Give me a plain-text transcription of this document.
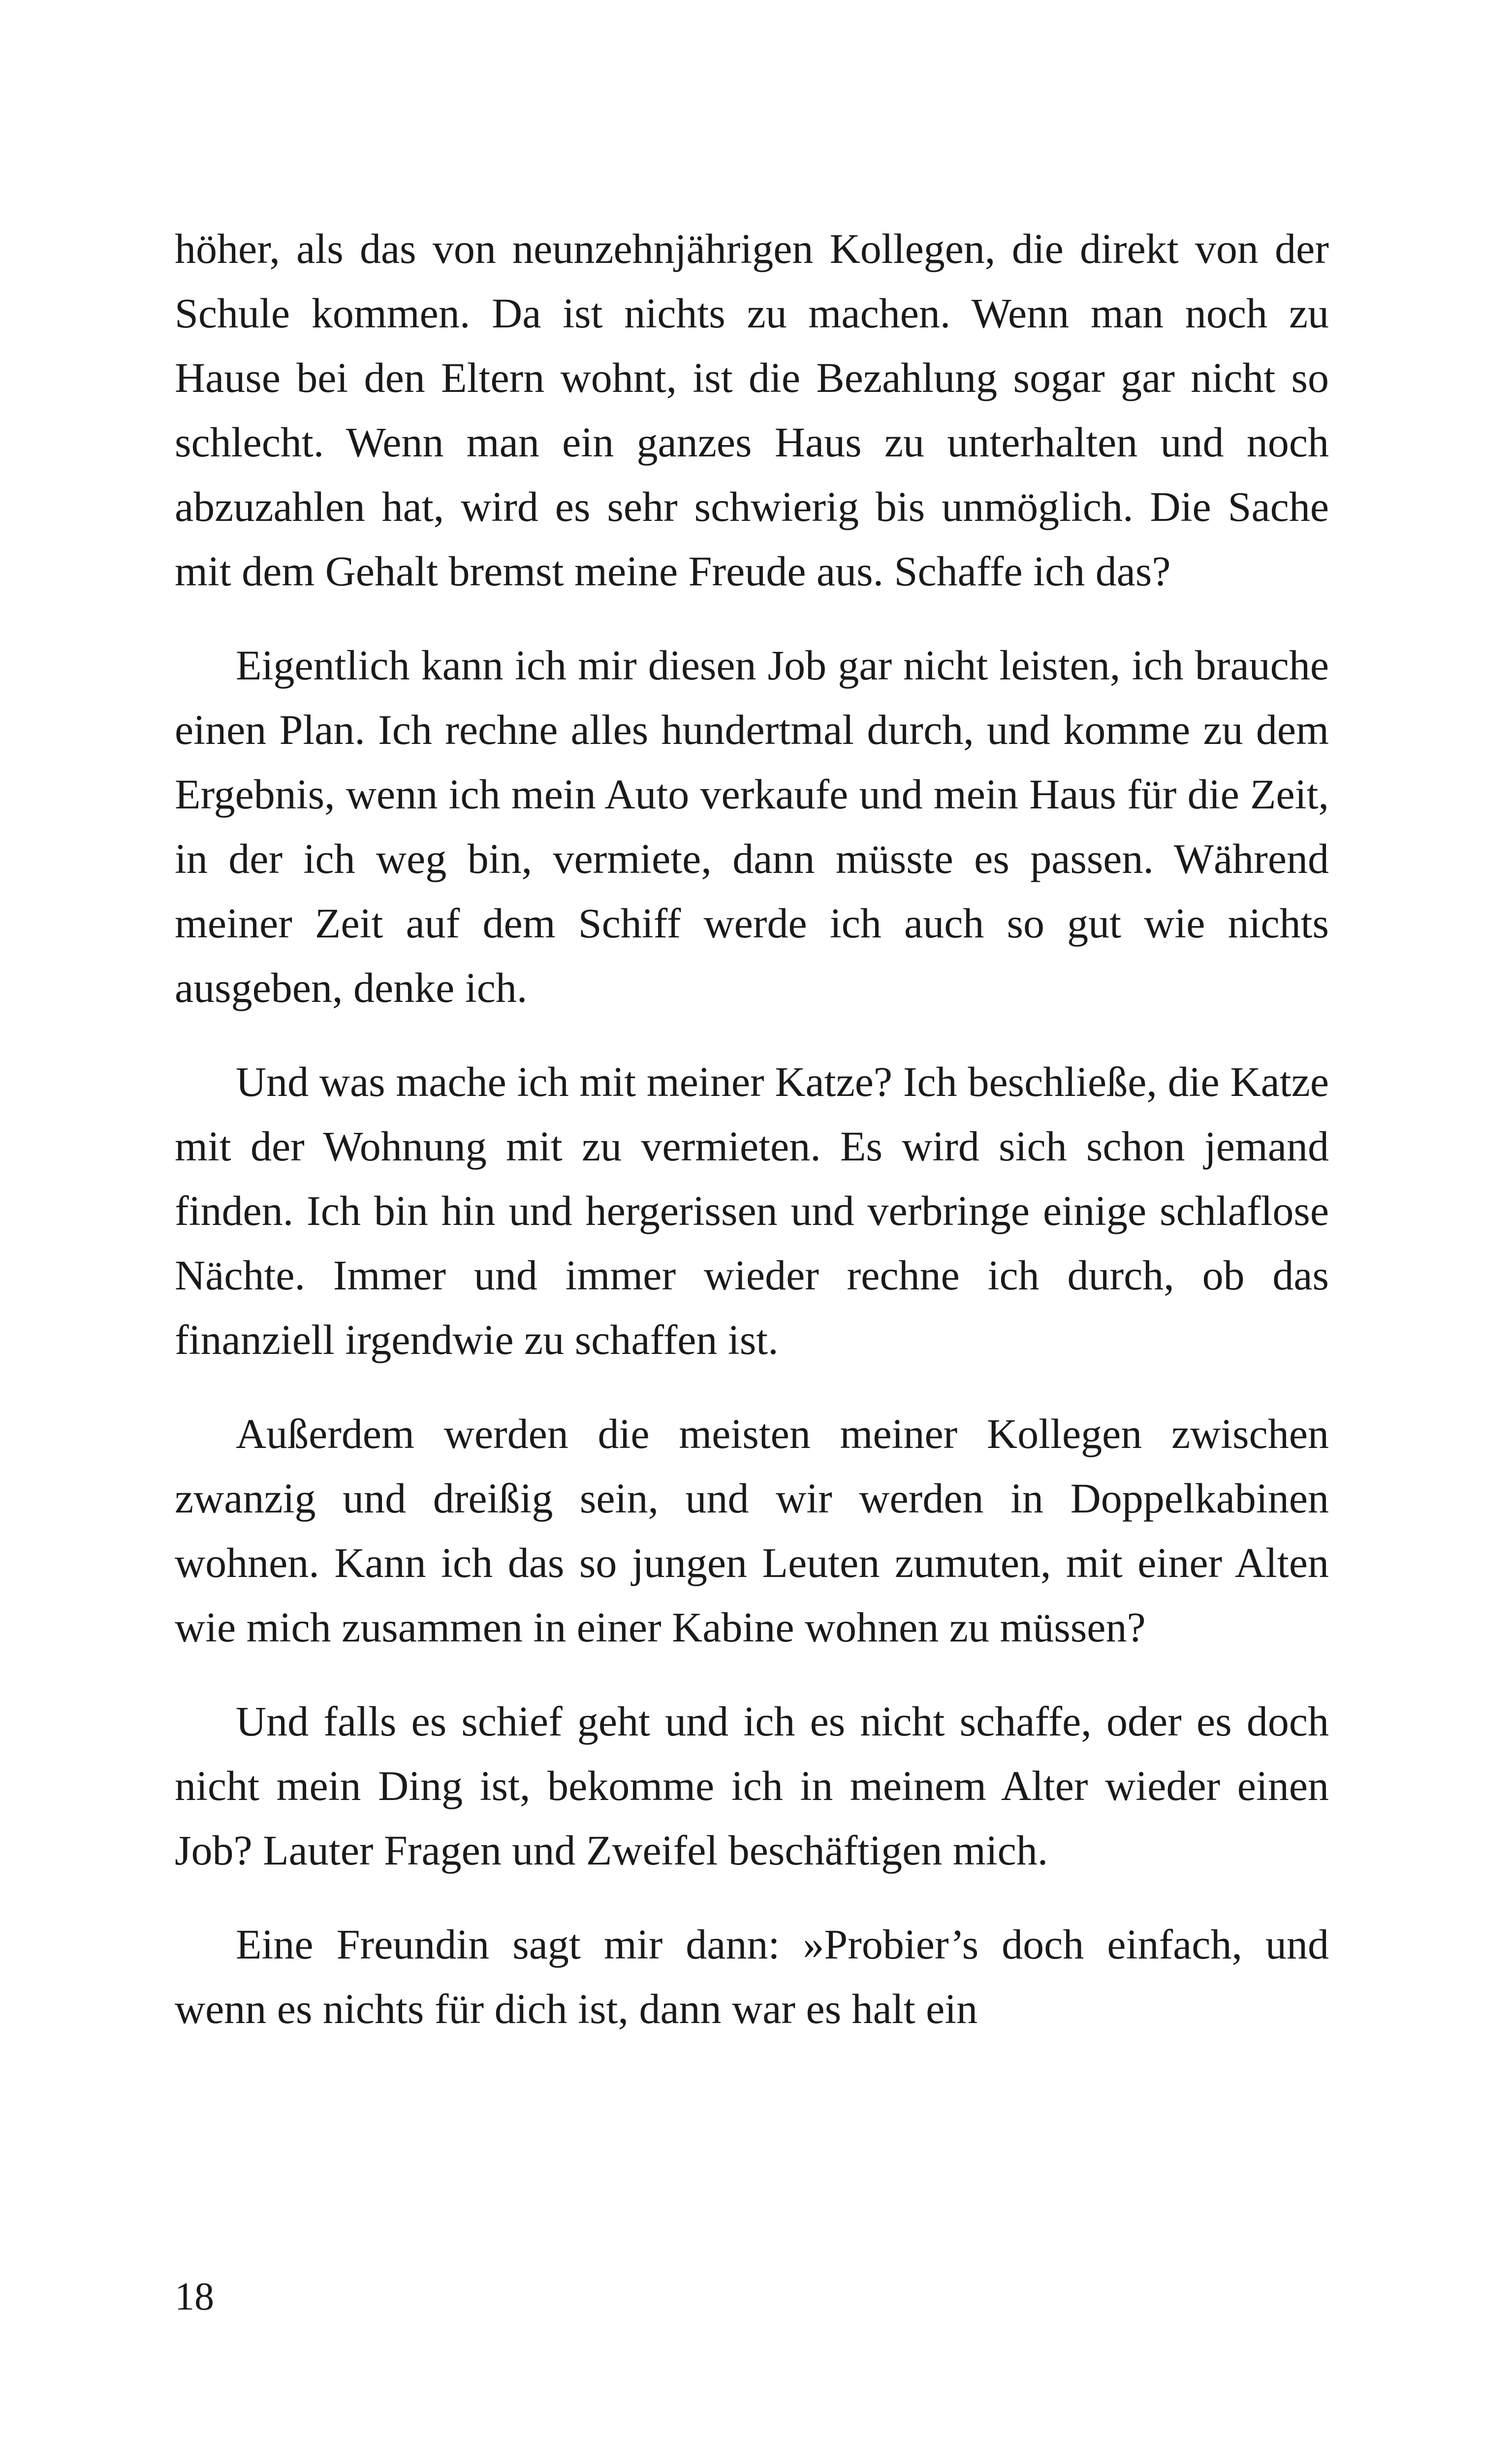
höher, als das von neunzehnjährigen Kollegen, die direkt von der Schule kommen. Da ist nichts zu machen. Wenn man noch zu Hause bei den Eltern wohnt, ist die Bezahlung sogar gar nicht so schlecht. Wenn man ein ganzes Haus zu unterhalten und noch abzuzahlen hat, wird es sehr schwierig bis unmöglich. Die Sache mit dem Gehalt bremst meine Freude aus. Schaffe ich das?

Eigentlich kann ich mir diesen Job gar nicht leisten, ich brauche einen Plan. Ich rechne alles hundertmal durch, und komme zu dem Ergebnis, wenn ich mein Auto verkaufe und mein Haus für die Zeit, in der ich weg bin, vermiete, dann müsste es passen. Während meiner Zeit auf dem Schiff werde ich auch so gut wie nichts ausgeben, denke ich.

Und was mache ich mit meiner Katze? Ich beschließe, die Katze mit der Wohnung mit zu vermieten. Es wird sich schon jemand finden. Ich bin hin und hergerissen und verbringe einige schlaflose Nächte. Immer und immer wieder rechne ich durch, ob das finanziell irgendwie zu schaffen ist.

Außerdem werden die meisten meiner Kollegen zwischen zwanzig und dreißig sein, und wir werden in Doppelkabinen wohnen. Kann ich das so jungen Leuten zumuten, mit einer Alten wie mich zusammen in einer Kabine wohnen zu müssen?

Und falls es schief geht und ich es nicht schaffe, oder es doch nicht mein Ding ist, bekomme ich in meinem Alter wieder einen Job? Lauter Fragen und Zweifel beschäftigen mich.

Eine Freundin sagt mir dann: »Probier’s doch einfach, und wenn es nichts für dich ist, dann war es halt ein

18
